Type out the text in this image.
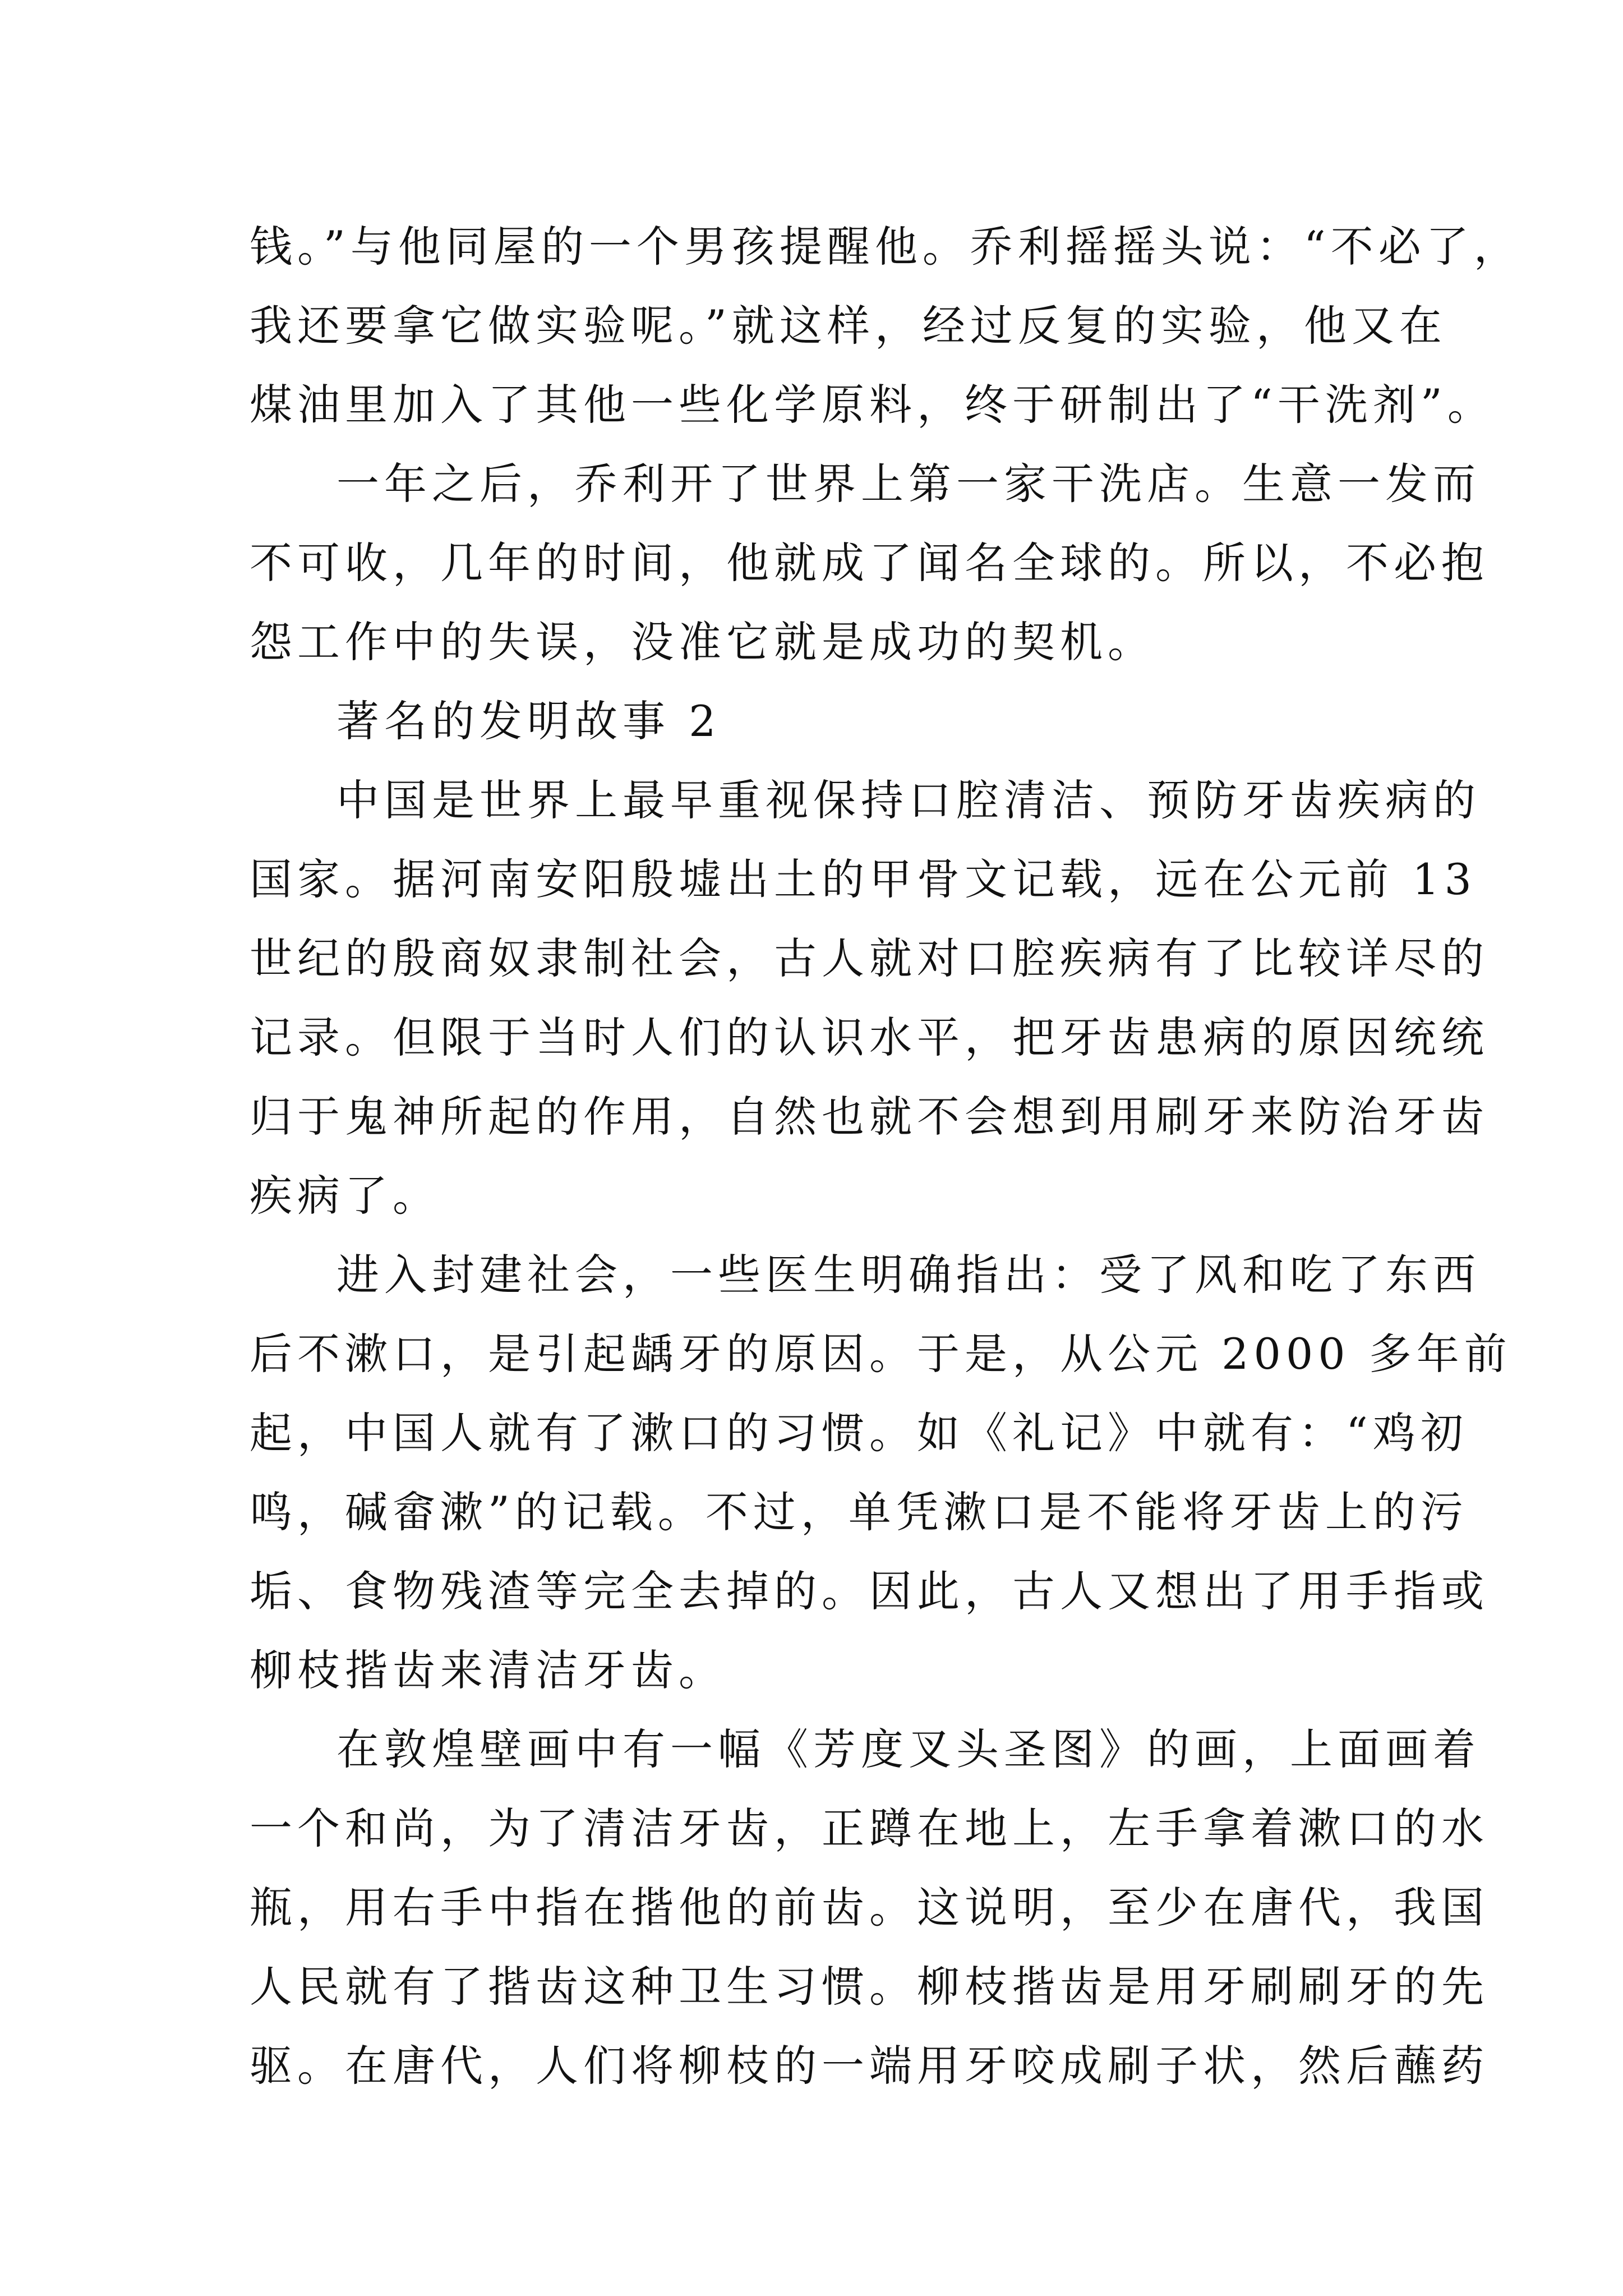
钱。”与他同屋的一个男孩提醒他。乔利摇摇头说：“不必了，
我还要拿它做实验呢。”就这样，经过反复的实验，他又在
煤油里加入了其他一些化学原料，终于研制出了“干洗剂”。
一年之后，乔利开了世界上第一家干洗店。生意一发而
不可收，几年的时间，他就成了闻名全球的。所以，不必抱
怨工作中的失误，没准它就是成功的契机。
著名的发明故事 2
中国是世界上最早重视保持口腔清洁、预防牙齿疾病的
国家。据河南安阳殷墟出土的甲骨文记载，远在公元前 13
世纪的殷商奴隶制社会，古人就对口腔疾病有了比较详尽的
记录。但限于当时人们的认识水平，把牙齿患病的原因统统
归于鬼神所起的作用，自然也就不会想到用刷牙来防治牙齿
疾病了。
进入封建社会，一些医生明确指出：受了风和吃了东西
后不漱口，是引起龋牙的原因。于是，从公元 2000 多年前
起，中国人就有了漱口的习惯。如《礼记》中就有：“鸡初
鸣，碱畲漱”的记载。不过，单凭漱口是不能将牙齿上的污
垢、食物残渣等完全去掉的。因此，古人又想出了用手指或
柳枝揩齿来清洁牙齿。
在敦煌壁画中有一幅《芳度叉头圣图》的画，上面画着
一个和尚，为了清洁牙齿，正蹲在地上，左手拿着漱口的水
瓶，用右手中指在揩他的前齿。这说明，至少在唐代，我国
人民就有了揩齿这种卫生习惯。柳枝揩齿是用牙刷刷牙的先
驱。在唐代，人们将柳枝的一端用牙咬成刷子状，然后蘸药
